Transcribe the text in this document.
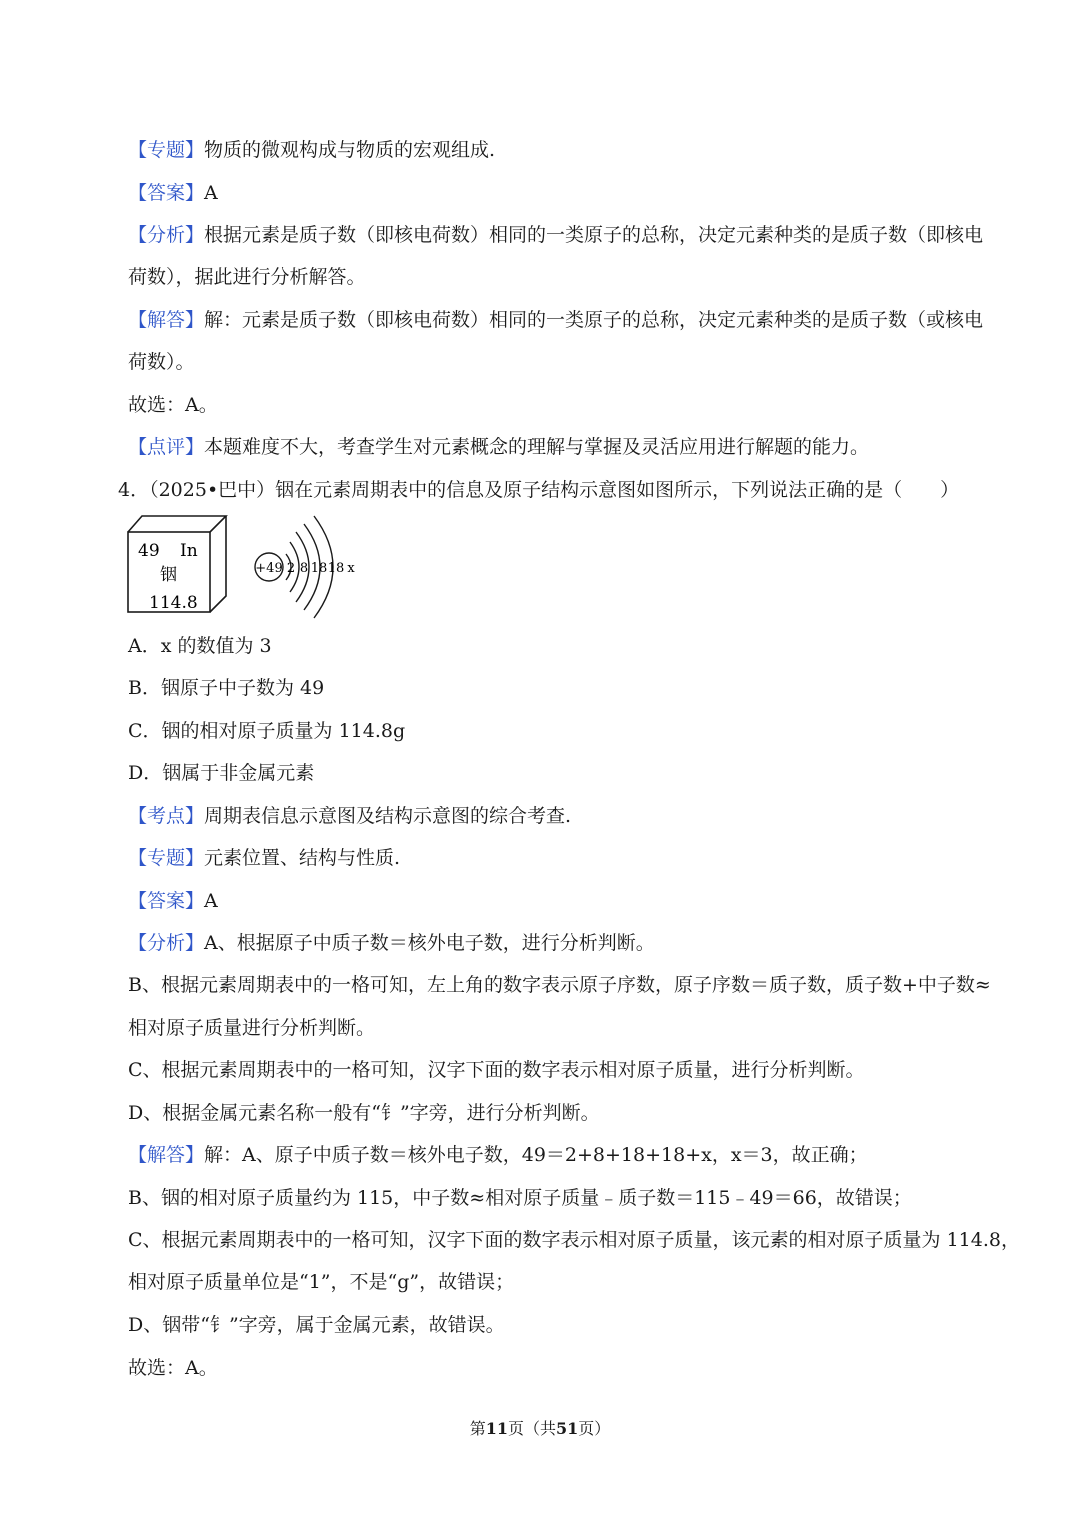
【专题】物质的微观构成与物质的宏观组成.
【答案】A
【分析】根据元素是质子数（即核电荷数）相同的一类原子的总称，决定元素种类的是质子数（即核电
荷数），据此进行分析解答。
【解答】解：元素是质子数（即核电荷数）相同的一类原子的总称，决定元素种类的是质子数（或核电
荷数）。
故选：A。
【点评】本题难度不大，考查学生对元素概念的理解与掌握及灵活应用进行解题的能力。
4．（2025•巴中）铟在元素周期表中的信息及原子结构示意图如图所示，下列说法正确的是（　　）
49 In
铟
114.8
+49 2 8 18 18 x
A．x 的数值为 3
B．铟原子中子数为 49
C．铟的相对原子质量为 114.8g
D．铟属于非金属元素
【考点】周期表信息示意图及结构示意图的综合考查.
【专题】元素位置、结构与性质.
【答案】A
【分析】A、根据原子中质子数＝核外电子数，进行分析判断。
B、根据元素周期表中的一格可知，左上角的数字表示原子序数，原子序数＝质子数，质子数+中子数≈
相对原子质量进行分析判断。
C、根据元素周期表中的一格可知，汉字下面的数字表示相对原子质量，进行分析判断。
D、根据金属元素名称一般有“钅”字旁，进行分析判断。
【解答】解：A、原子中质子数＝核外电子数，49＝2+8+18+18+x，x＝3，故正确；
B、铟的相对原子质量约为 115，中子数≈相对原子质量﹣质子数＝115﹣49＝66，故错误；
C、根据元素周期表中的一格可知，汉字下面的数字表示相对原子质量，该元素的相对原子质量为 114.8，
相对原子质量单位是“1”，不是“g”，故错误；
D、铟带“钅”字旁，属于金属元素，故错误。
故选：A。
第11页（共51页）
